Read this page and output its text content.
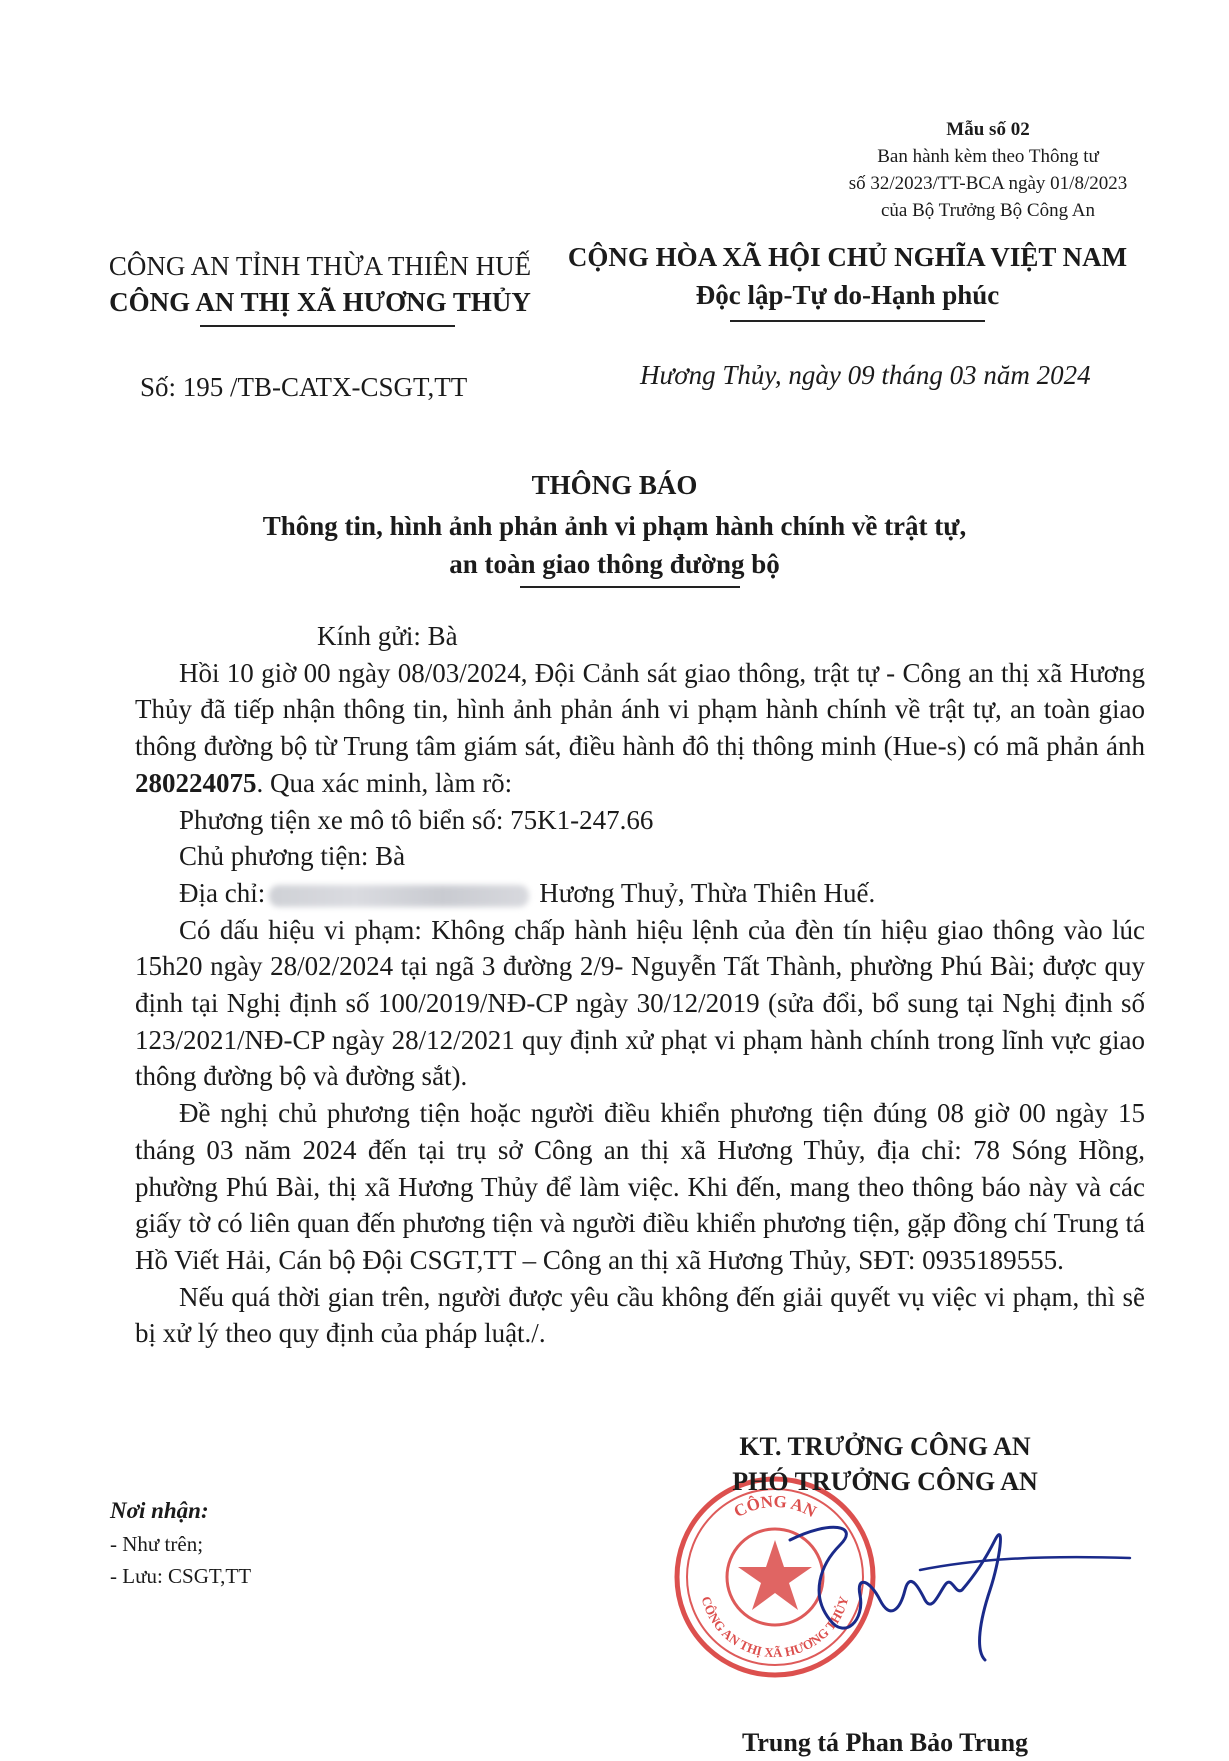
Mẫu số 02
Ban hành kèm theo Thông tư
số 32/2023/TT-BCA ngày 01/8/2023
của Bộ Trưởng Bộ Công An
CÔNG AN TỈNH THỪA THIÊN HUẾ
CÔNG AN THỊ XÃ HƯƠNG THỦY
CỘNG HÒA XÃ HỘI CHỦ NGHĨA VIỆT NAM
Độc lập-Tự do-Hạnh phúc
Số: 195 /TB-CATX-CSGT,TT	Hương Thủy, ngày 09 tháng 03 năm 2024
THÔNG BÁO
Thông tin, hình ảnh phản ảnh vi phạm hành chính về trật tự,
an toàn giao thông đường bộ

Kính gửi: Bà

Hồi 10 giờ 00 ngày 08/03/2024, Đội Cảnh sát giao thông, trật tự - Công an thị xã Hương Thủy đã tiếp nhận thông tin, hình ảnh phản ánh vi phạm hành chính về trật tự, an toàn giao thông đường bộ từ Trung tâm giám sát, điều hành đô thị thông minh (Hue-s) có mã phản ánh 280224075. Qua xác minh, làm rõ:

Phương tiện xe mô tô biển số: 75K1-247.66

Chủ phương tiện: Bà

Địa chỉ:	Hương Thuỷ, Thừa Thiên Huế.

Có dấu hiệu vi phạm: Không chấp hành hiệu lệnh của đèn tín hiệu giao thông vào lúc 15h20 ngày 28/02/2024 tại ngã 3 đường 2/9- Nguyễn Tất Thành, phường Phú Bài; được quy định tại Nghị định số 100/2019/NĐ-CP ngày 30/12/2019 (sửa đổi, bổ sung tại Nghị định số 123/2021/NĐ-CP ngày 28/12/2021 quy định xử phạt vi phạm hành chính trong lĩnh vực giao thông đường bộ và đường sắt).

Đề nghị chủ phương tiện hoặc người điều khiển phương tiện đúng 08 giờ 00 ngày 15 tháng 03 năm 2024 đến tại trụ sở Công an thị xã Hương Thủy, địa chỉ: 78 Sóng Hồng, phường Phú Bài, thị xã Hương Thủy để làm việc. Khi đến, mang theo thông báo này và các giấy tờ có liên quan đến phương tiện và người điều khiển phương tiện, gặp đồng chí Trung tá Hồ Viết Hải, Cán bộ Đội CSGT,TT – Công an thị xã Hương Thủy, SĐT: 0935189555.

Nếu quá thời gian trên, người được yêu cầu không đến giải quyết vụ việc vi phạm, thì sẽ bị xử lý theo quy định của pháp luật./.

Nơi nhận:
- Như trên;
- Lưu: CSGT,TT
CÔNG AN
CÔNG AN THỊ XÃ HƯƠNG THỦY
KT. TRƯỞNG CÔNG AN
PHÓ TRƯỞNG CÔNG AN
Trung tá Phan Bảo Trung
